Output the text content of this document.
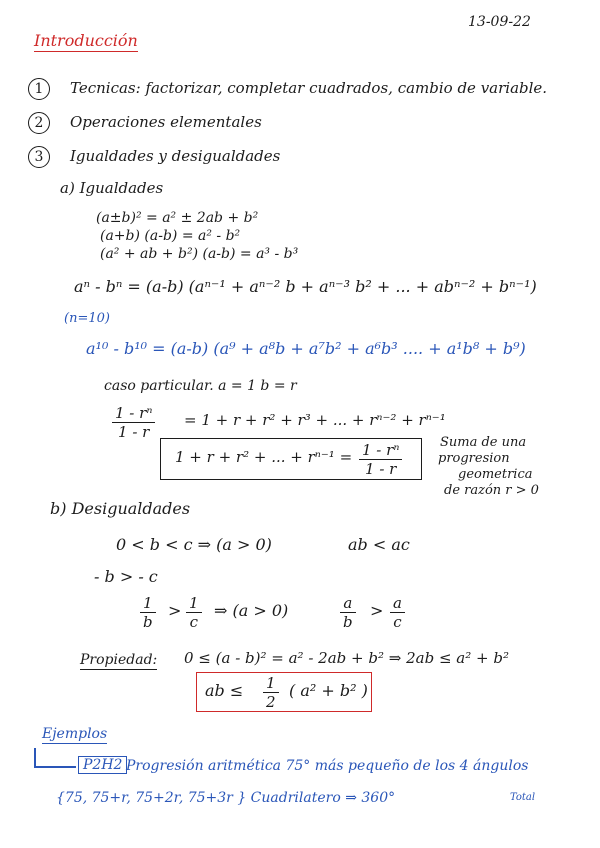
13-09-22
Introducción
1	Tecnicas: factorizar, completar cuadrados, cambio de variable.
2	Operaciones elementales
3	Igualdades y desigualdades
a) Igualdades
(a±b)² = a² ± 2ab + b²
(a+b) (a-b) = a² - b²
(a² + ab + b²) (a-b) = a³ - b³
aⁿ - bⁿ = (a-b) (aⁿ⁻¹ + aⁿ⁻² b + aⁿ⁻³ b² + ... + abⁿ⁻² + bⁿ⁻¹)
(n=10)
a¹⁰ - b¹⁰ = (a-b) (a⁹ + a⁸b + a⁷b² + a⁶b³ .... + a¹b⁸ + b⁹)
caso particular. a = 1 b = r
$\frac{\text{1 - rⁿ}}{1 - r} = 1 + r + r^2 + r^3$ + ... + rⁿ⁻² + rⁿ⁻¹
1 + r + r² + ... + $r^{n-1} = \frac{\text{1 - rⁿ}}{1 - r}$	Suma de una
progresion
geometrica
de razón r > 0
b) Desigualdades
0 < b < c ⇒ (a > 0)	ab < ac
- b > - c
$\frac{1}{b} > \frac{1}{c}$ ⇒ (a > 0)	$\frac{a}{b} > \frac{a}{c}$
Propiedad: 0 ≤ (a - b)² = a² - 2ab + b² ⇒ 2ab ≤ a² + b²
ab ≤ $\frac{1}{2}$ ( a² + b² )
Ejemplos
P2H2 Progresión aritmética 75° más pequeño de los 4 ángulos
{75, 75+r, 75+2r, 75+3r } Cuadrilatero ⇒ 360°	Total
